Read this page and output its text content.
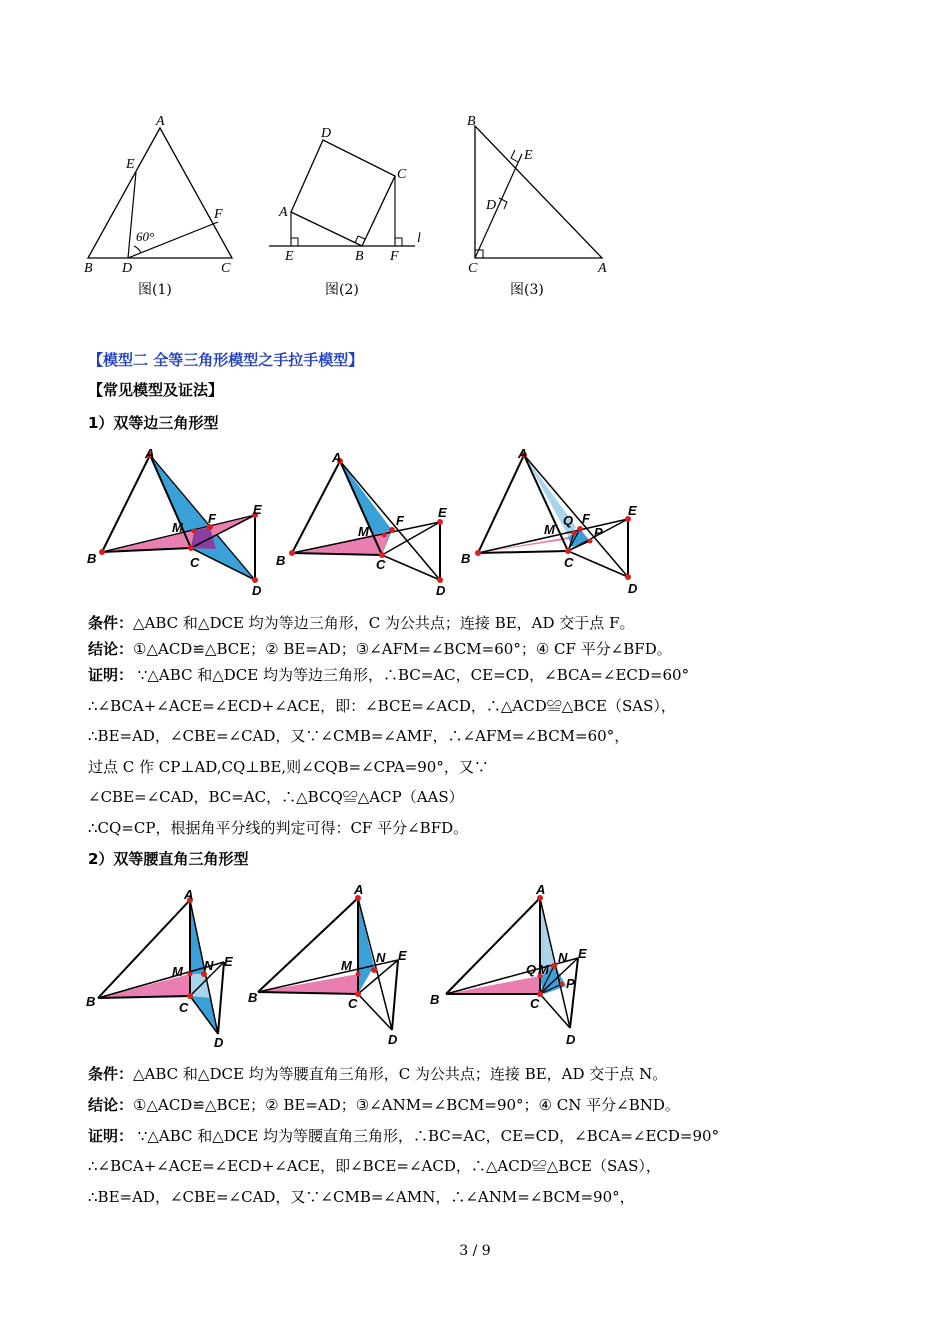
A
B	C
D
E
F
60°
图(1)
D
C
A
E	B F
l
图(2)
B
E
D
C	A
图(3)
【模型二 全等三角形模型之手拉手模型】
【常见模型及证法】
1）双等边三角形型
A
B	C
D
E
F
M
A
B	C
D
E
F
M
A
B	C
D
E
F
M
Q
P
条件：△ABC 和△DCE 均为等边三角形，C 为公共点；连接 BE，AD 交于点 F。
结论：①△ACD≌△BCE；② BE=AD；③∠AFM=∠BCM=60°；④ CF 平分∠BFD。
证明： ∵△ABC 和△DCE 均为等边三角形，∴BC=AC，CE=CD，∠BCA=∠ECD=60°
∴∠BCA+∠ACE=∠ECD+∠ACE，即：∠BCE=∠ACD，∴△ACD≌△BCE（SAS），
∴BE=AD，∠CBE=∠CAD，又∵∠CMB=∠AMF，∴∠AFM=∠BCM=60°，
过点 C 作 CP⊥AD,CQ⊥BE,则∠CQB=∠CPA=90°，又∵
∠CBE=∠CAD，BC=AC，∴△BCQ≌△ACP（AAS）
∴CQ=CP，根据角平分线的判定可得：CF 平分∠BFD。
2）双等腰直角三角形型
A
B	C
D
E
M N
A
B	C
D
E
M
N
A
B	C
D
E
M
Q
N
P
条件：△ABC 和△DCE 均为等腰直角三角形，C 为公共点；连接 BE，AD 交于点 N。
结论：①△ACD≌△BCE；② BE=AD；③∠ANM=∠BCM=90°；④ CN 平分∠BND。
证明： ∵△ABC 和△DCE 均为等腰直角三角形，∴BC=AC，CE=CD，∠BCA=∠ECD=90°
∴∠BCA+∠ACE=∠ECD+∠ACE，即∠BCE=∠ACD，∴△ACD≌△BCE（SAS），
∴BE=AD，∠CBE=∠CAD，又∵∠CMB=∠AMN，∴∠ANM=∠BCM=90°，
3 / 9
